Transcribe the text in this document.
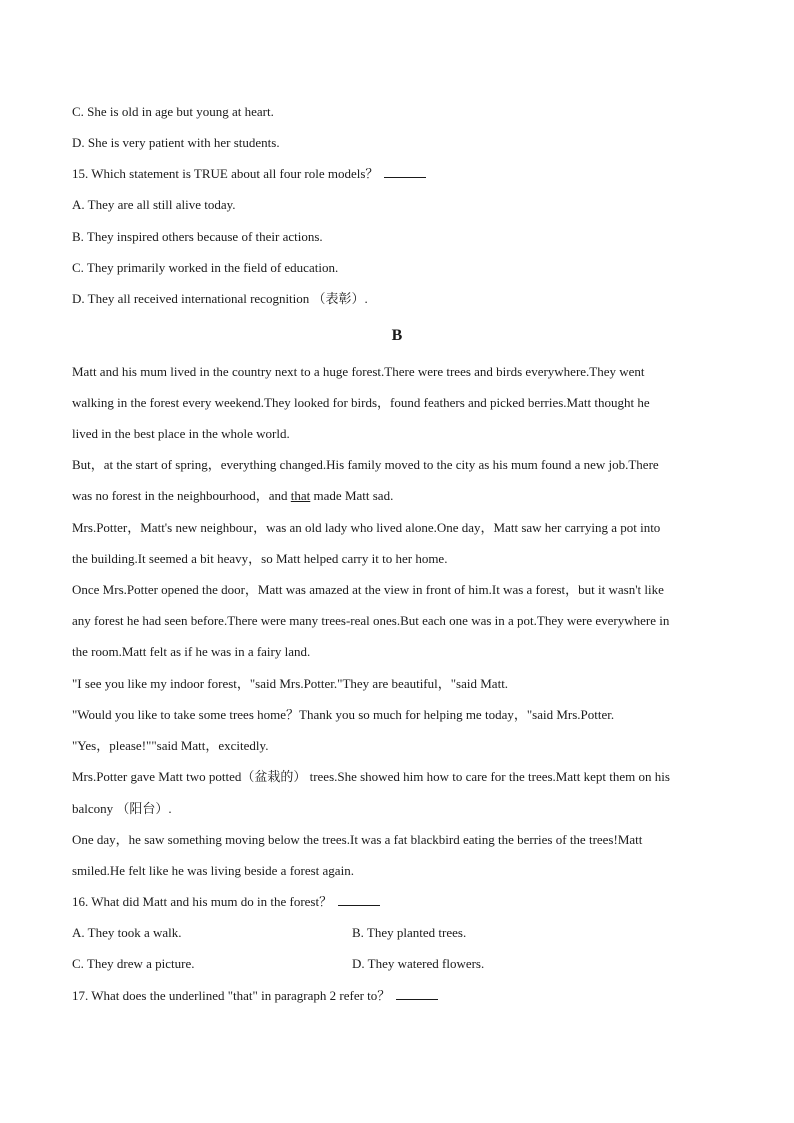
C. She is old in age but young at heart.
D. She is very patient with her students.
15. Which statement is TRUE about all four role models？
A. They are all still alive today.
B. They inspired others because of their actions.
C. They primarily worked in the field of education.
D. They all received international recognition （表彰）.
B
Matt and his mum lived in the country next to a huge forest.There were trees and birds everywhere.They went
walking in the forest every weekend.They looked for birds，found feathers and picked berries.Matt thought he
lived in the best place in the whole world.
But，at the start of spring，everything changed.His family moved to the city as his mum found a new job.There
was no forest in the neighbourhood，and that made Matt sad.
Mrs.Potter，Matt's new neighbour，was an old lady who lived alone.One day，Matt saw her carrying a pot into
the building.It seemed a bit heavy，so Matt helped carry it to her home.
Once Mrs.Potter opened the door，Matt was amazed at the view in front of him.It was a forest，but it wasn't like
any forest he had seen before.There were many trees-real ones.But each one was in a pot.They were everywhere in
the room.Matt felt as if he was in a fairy land.
"I see you like my indoor forest，"said Mrs.Potter."They are beautiful，"said Matt.
"Would you like to take some trees home？Thank you so much for helping me today，"said Mrs.Potter.
"Yes，please!""said Matt，excitedly.
Mrs.Potter gave Matt two potted（盆栽的） trees.She showed him how to care for the trees.Matt kept them on his
balcony （阳台）.
One day，he saw something moving below the trees.It was a fat blackbird eating the berries of the trees!Matt
smiled.He felt like he was living beside a forest again.
16. What did Matt and his mum do in the forest？
A. They took a walk.	B. They planted trees.
C. They drew a picture.	D. They watered flowers.
17. What does the underlined "that" in paragraph 2 refer to？
